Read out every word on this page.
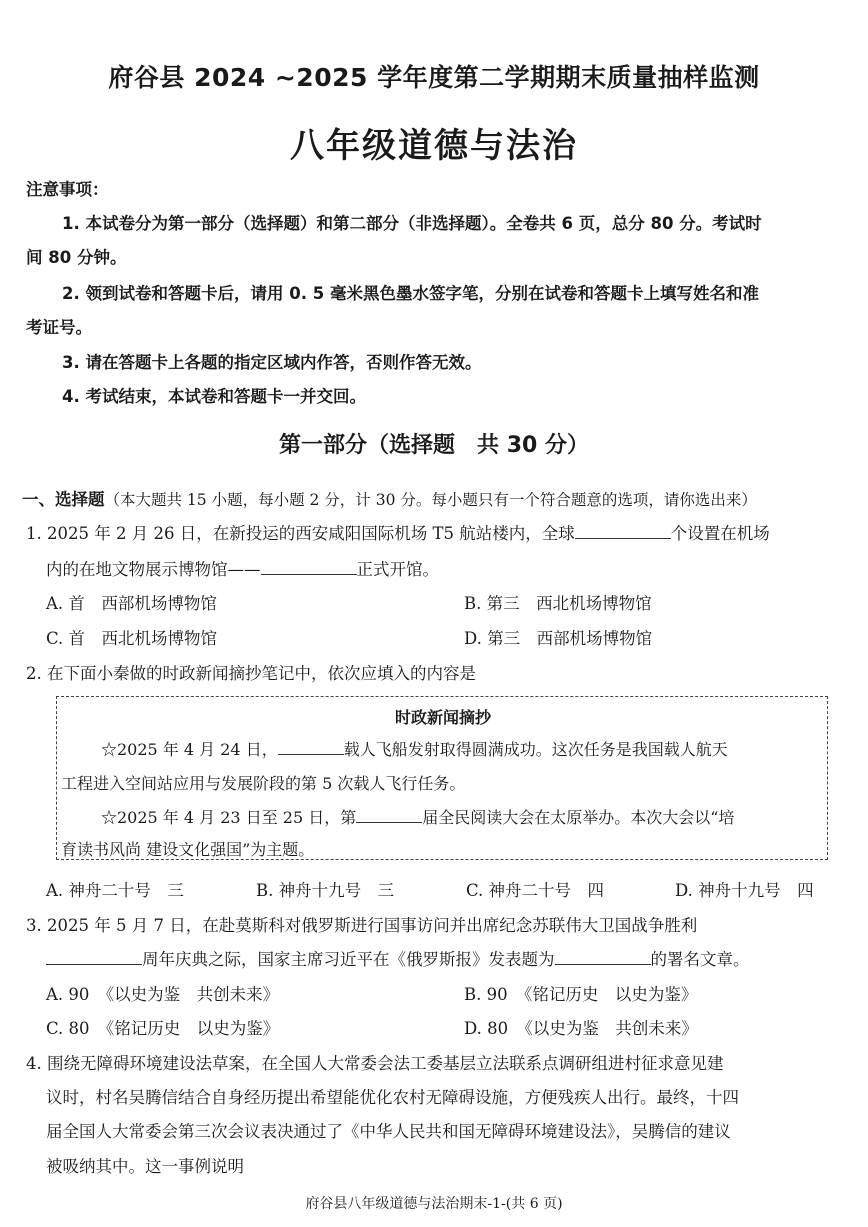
府谷县 2024 ~2025 学年度第二学期期末质量抽样监测
八年级道德与法治
注意事项：
1. 本试卷分为第一部分（选择题）和第二部分（非选择题）。全卷共 6 页，总分 80 分。考试时
间 80 分钟。
2. 领到试卷和答题卡后，请用 0. 5 毫米黑色墨水签字笔，分别在试卷和答题卡上填写姓名和准
考证号。
3. 请在答题卡上各题的指定区域内作答，否则作答无效。
4. 考试结束，本试卷和答题卡一并交回。
第一部分（选择题　共 30 分）
一、选择题（本大题共 15 小题，每小题 2 分，计 30 分。每小题只有一个符合题意的选项，请你选出来）
1. 2025 年 2 月 26 日，在新投运的西安咸阳国际机场 T5 航站楼内，全球	个设置在机场
内的在地文物展示博物馆——	正式开馆。
A. 首　西部机场博物馆	B. 第三　西北机场博物馆
C. 首　西北机场博物馆	D. 第三　西部机场博物馆
2. 在下面小秦做的时政新闻摘抄笔记中，依次应填入的内容是
时政新闻摘抄
☆2025 年 4 月 24 日，	载人飞船发射取得圆满成功。这次任务是我国载人航天
工程进入空间站应用与发展阶段的第 5 次载人飞行任务。
☆2025 年 4 月 23 日至 25 日，第	届全民阅读大会在太原举办。本次大会以“培
育读书风尚 建设文化强国”为主题。
A. 神舟二十号　三	B. 神舟十九号　三	C. 神舟二十号　四	D. 神舟十九号　四
3. 2025 年 5 月 7 日，在赴莫斯科对俄罗斯进行国事访问并出席纪念苏联伟大卫国战争胜利
周年庆典之际，国家主席习近平在《俄罗斯报》发表题为	的署名文章。
A. 90　《以史为鉴　共创未来》	B. 90　《铭记历史　以史为鉴》
C. 80　《铭记历史　以史为鉴》	D. 80　《以史为鉴　共创未来》
4. 围绕无障碍环境建设法草案，在全国人大常委会法工委基层立法联系点调研组进村征求意见建
议时，村名吴腾信结合自身经历提出希望能优化农村无障碍设施，方便残疾人出行。最终，十四
届全国人大常委会第三次会议表决通过了《中华人民共和国无障碍环境建设法》，吴腾信的建议
被吸纳其中。这一事例说明
府谷县八年级道德与法治期末-1-(共 6 页)
